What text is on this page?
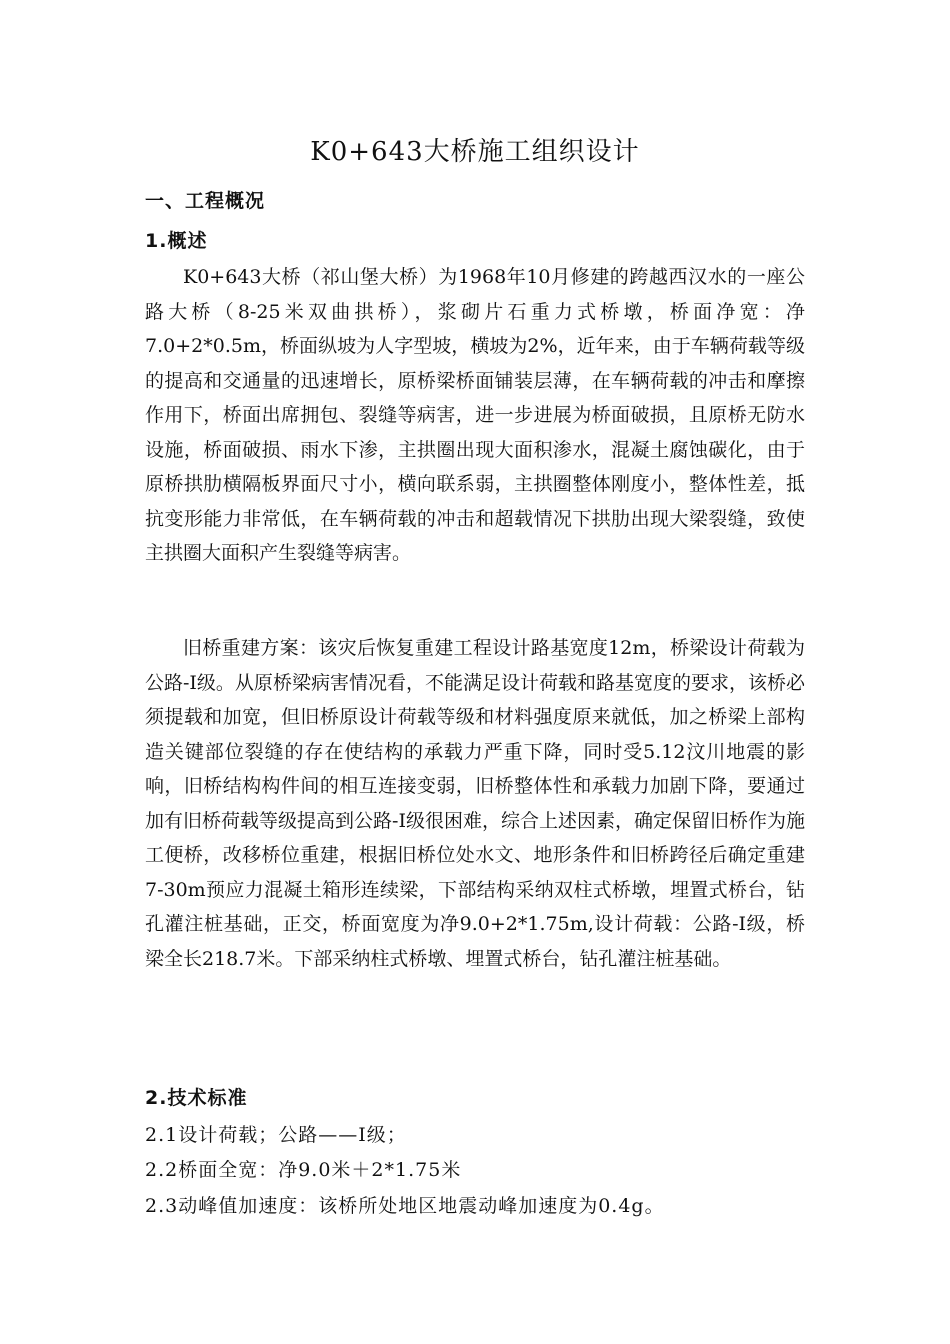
K0+643大桥施工组织设计
一、工程概况
1.概述

K0+643大桥（祁山堡大桥）为1968年10月修建的跨越西汉水的一座公路大桥（8-25米双曲拱桥），浆砌片石重力式桥墩，桥面净宽：净7.0+2*0.5m，桥面纵坡为人字型坡，横坡为2%，近年来，由于车辆荷载等级的提高和交通量的迅速增长，原桥梁桥面铺装层薄，在车辆荷载的冲击和摩擦作用下，桥面出席拥包、裂缝等病害，进一步进展为桥面破损，且原桥无防水设施，桥面破损、雨水下渗，主拱圈出现大面积渗水，混凝土腐蚀碳化，由于原桥拱肋横隔板界面尺寸小，横向联系弱，主拱圈整体刚度小，整体性差，抵抗变形能力非常低，在车辆荷载的冲击和超载情况下拱肋出现大梁裂缝，致使主拱圈大面积产生裂缝等病害。

旧桥重建方案：该灾后恢复重建工程设计路基宽度12m，桥梁设计荷载为公路-I级。从原桥梁病害情况看，不能满足设计荷载和路基宽度的要求，该桥必须提载和加宽，但旧桥原设计荷载等级和材料强度原来就低，加之桥梁上部构造关键部位裂缝的存在使结构的承载力严重下降，同时受5.12汶川地震的影响，旧桥结构构件间的相互连接变弱，旧桥整体性和承载力加剧下降，要通过加有旧桥荷载等级提高到公路-I级很困难，综合上述因素，确定保留旧桥作为施工便桥，改移桥位重建，根据旧桥位处水文、地形条件和旧桥跨径后确定重建7-30m预应力混凝土箱形连续梁，下部结构采纳双柱式桥墩，埋置式桥台，钻孔灌注桩基础，正交，桥面宽度为净9.0+2*1.75m,设计荷载：公路-I级，桥梁全长218.7米。下部采纳柱式桥墩、埋置式桥台，钻孔灌注桩基础。

2.技术标准
2.1设计荷载；公路——I级；
2.2桥面全宽：净9.0米＋2*1.75米
2.3动峰值加速度：该桥所处地区地震动峰加速度为0.4g。
